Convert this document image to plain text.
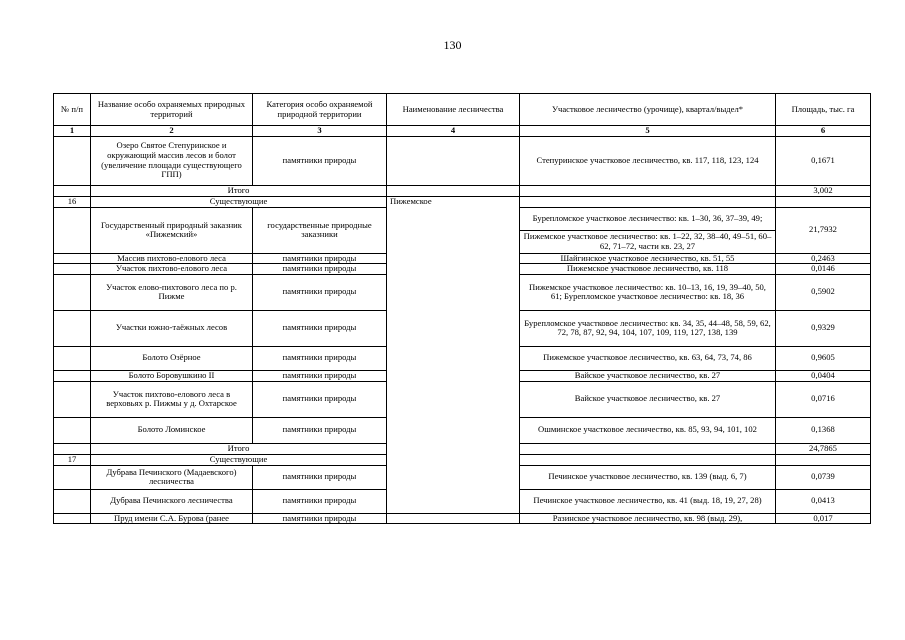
130
№ п/п	Название особо охраняемых природных территорий	Категория особо охраняемой природной территории	Наименование лесничества	Участковое лесничество (урочище), квартал/выдел*	Площадь, тыс. га
1	2	3	4	5	6
	Озеро Святое Степуринское и окружающий массив лесов и болот (увеличение площади существующего ГПП)	памятники природы		Степуринское участковое лесничество, кв. 117, 118, 123, 124	0,1671
	Итого				3,002
16	Существующие		Пижемское		
	Государственный природный заказник «Пижемский»	государственные природные заказники		Бурепломское участковое лесничество: кв. 1–30, 36, 37–39, 49;	21,7932
				Пижемское участковое лесничество: кв. 1–22, 32, 38–40, 49–51, 60–62, 71–72, части кв. 23, 27	
	Массив пихтово-елового леса	памятники природы		Шайгинское участковое лесничество, кв. 51, 55	0,2463
	Участок пихтово-елового леса	памятники природы		Пижемское участковое лесничество, кв. 118	0,0146
	Участок елово-пихтового леса по р. Пижме	памятники природы		Пижемское участковое лесничество: кв. 10–13, 16, 19, 39–40, 50, 61; Бурепломское участковое лесничество: кв. 18, 36	0,5902
	Участки южно-таёжных лесов	памятники природы		Бурепломское участковое лесничество: кв. 34, 35, 44–48, 58, 59, 62, 72, 78, 87, 92, 94, 104, 107, 109, 119, 127, 138, 139	0,9329
	Болото Озёрное	памятники природы		Пижемское участковое лесничество, кв. 63, 64, 73, 74, 86	0,9605
	Болото Боровушкино II	памятники природы		Вайское участковое лесничество, кв. 27	0,0404
	Участок пихтово-елового леса в верховьях р. Пижмы у д. Охтарское	памятники природы		Вайское участковое лесничество, кв. 27	0,0716
	Болото Ломинское	памятники природы		Ошминское участковое лесничество, кв. 85, 93, 94, 101, 102	0,1368
	Итого				24,7865
17	Существующие				
	Дубрава Печинского (Мадаевского) лесничества	памятники природы		Печинское участковое лесничество, кв. 139 (выд. 6, 7)	0,0739
	Дубрава Печинского лесничества	памятники природы		Печинское участковое лесничество, кв. 41 (выд. 18, 19, 27, 28)	0,0413
	Пруд имени С.А. Бурова (ранее	памятники природы		Разинское участковое лесничество, кв. 98 (выд. 29),	0,017
